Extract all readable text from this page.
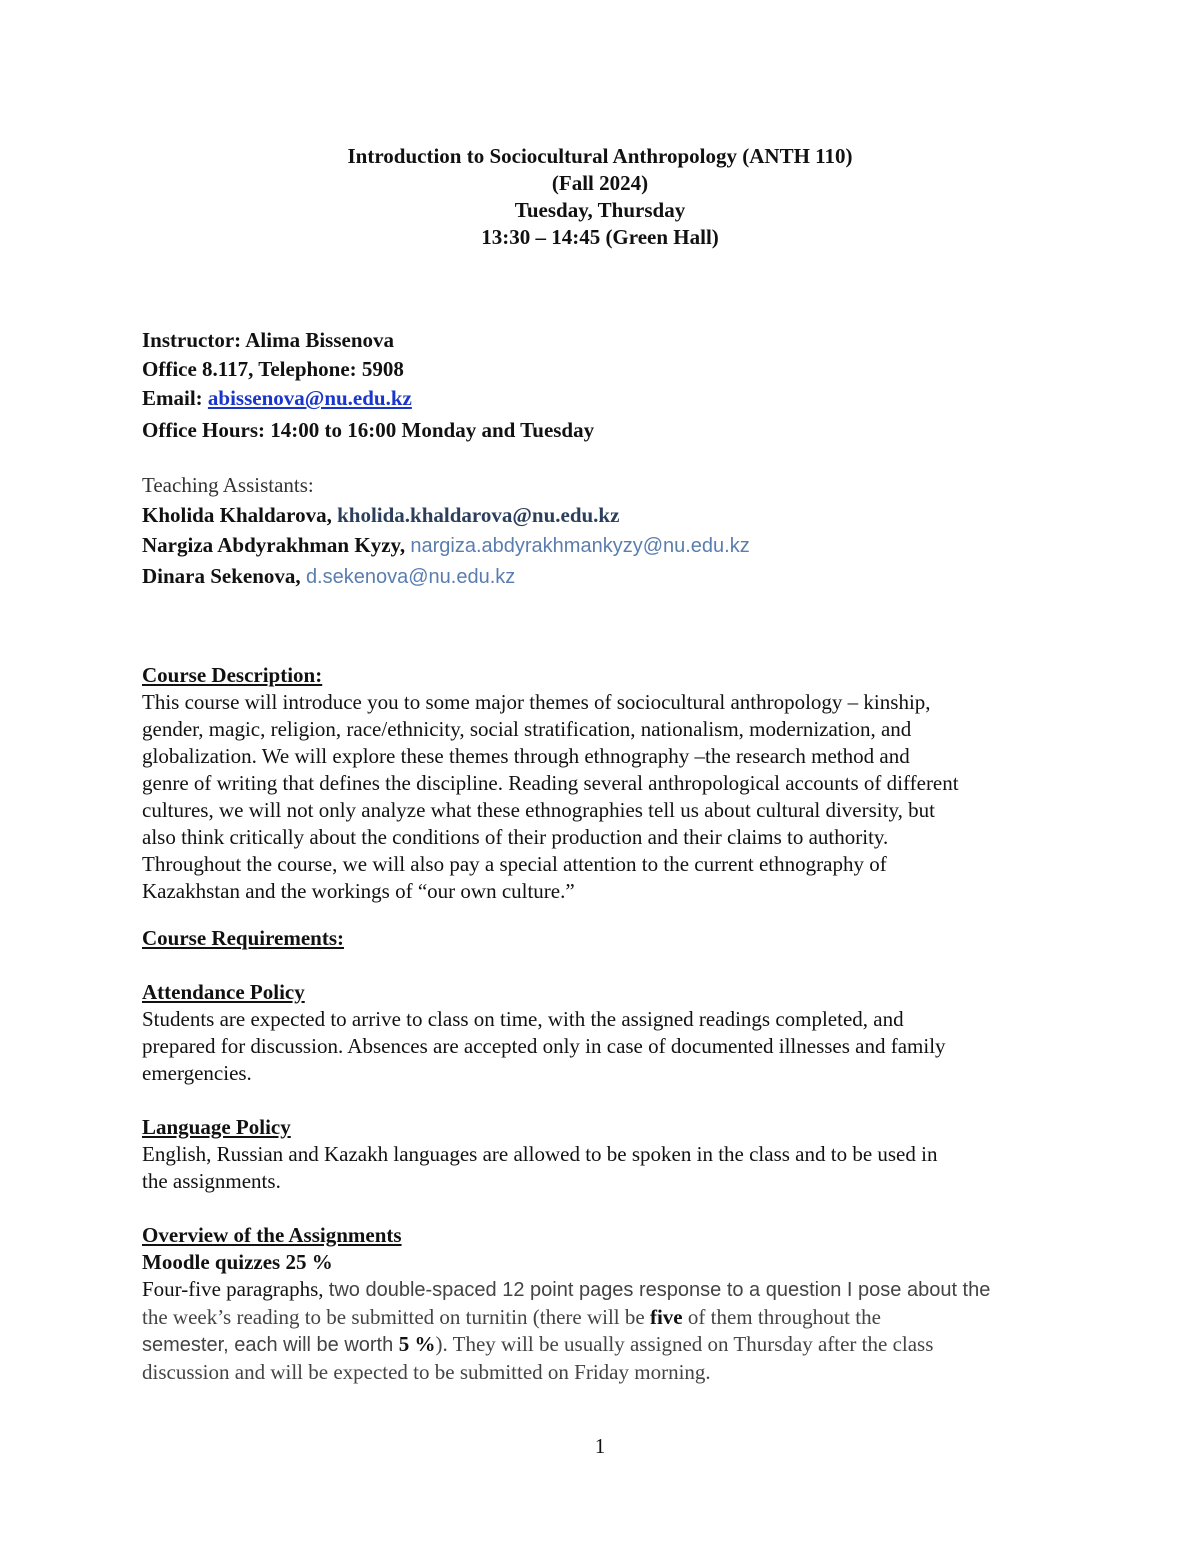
Introduction to Sociocultural Anthropology (ANTH 110)
(Fall 2024)
Tuesday, Thursday
13:30 – 14:45 (Green Hall)
Instructor: Alima Bissenova
Office 8.117, Telephone: 5908
Email: abissenova@nu.edu.kz
Office Hours: 14:00 to 16:00 Monday and Tuesday
Teaching Assistants:
Kholida Khaldarova, kholida.khaldarova@nu.edu.kz
Nargiza Abdyrakhman Kyzy, nargiza.abdyrakhmankyzy@nu.edu.kz
Dinara Sekenova, d.sekenova@nu.edu.kz
Course Description:
This course will introduce you to some major themes of sociocultural anthropology – kinship,
gender, magic, religion, race/ethnicity, social stratification, nationalism, modernization, and
globalization. We will explore these themes through ethnography –the research method and
genre of writing that defines the discipline. Reading several anthropological accounts of different
cultures, we will not only analyze what these ethnographies tell us about cultural diversity, but
also think critically about the conditions of their production and their claims to authority.
Throughout the course, we will also pay a special attention to the current ethnography of
Kazakhstan and the workings of “our own culture.”
Course Requirements:
Attendance Policy
Students are expected to arrive to class on time, with the assigned readings completed, and
prepared for discussion. Absences are accepted only in case of documented illnesses and family
emergencies.
Language Policy
English, Russian and Kazakh languages are allowed to be spoken in the class and to be used in
the assignments.
Overview of the Assignments
Moodle quizzes 25 %
Four-five paragraphs, two double-spaced 12 point pages response to a question I pose about the
the week’s reading to be submitted on turnitin (there will be five of them throughout the
semester, each will be worth 5 %). They will be usually assigned on Thursday after the class
discussion and will be expected to be submitted on Friday morning.
1
